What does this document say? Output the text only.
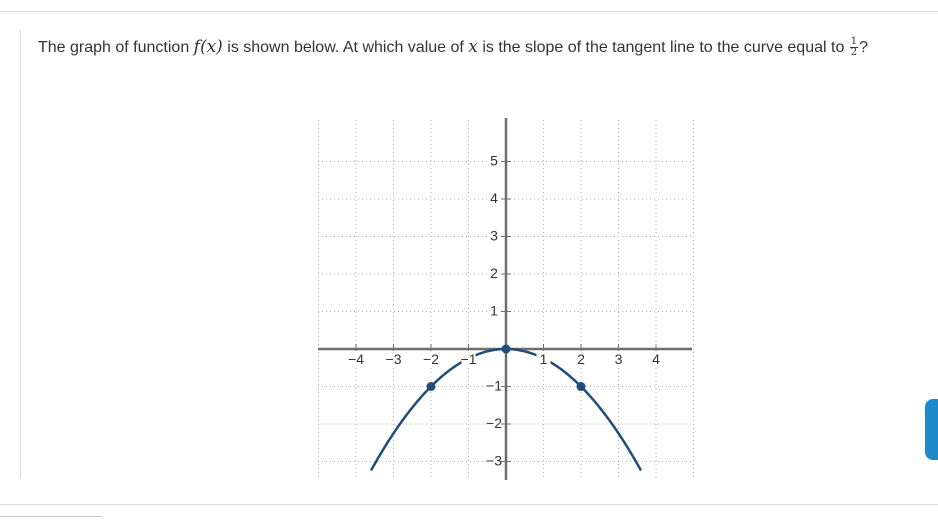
The graph of function f(x) is shown below. At which value of x is the slope of the tangent line to the curve equal to $\frac{1}{2}$ ?
−4 −3 −2 −1	1 2 3 4
−3
−2
−1
1
2
3
4
5
